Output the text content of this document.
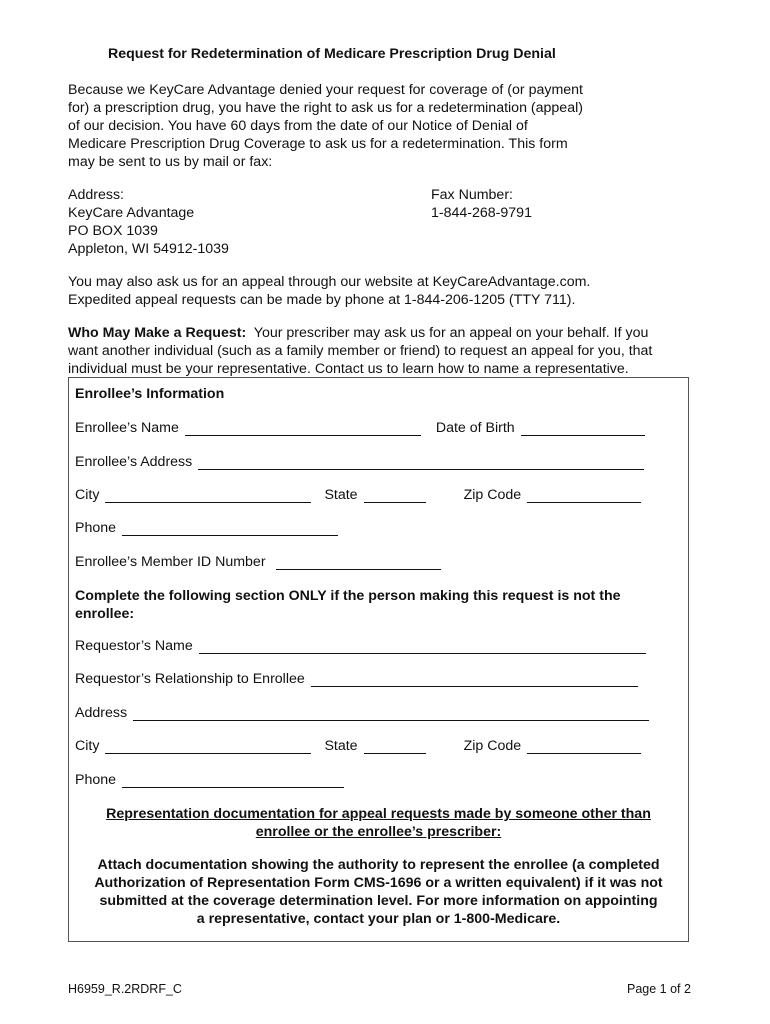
Request for Redetermination of Medicare Prescription Drug Denial
Because we KeyCare Advantage denied your request for coverage of (or payment
for) a prescription drug, you have the right to ask us for a redetermination (appeal)
of our decision. You have 60 days from the date of our Notice of Denial of
Medicare Prescription Drug Coverage to ask us for a redetermination. This form
may be sent to us by mail or fax:
Address:
KeyCare Advantage
PO BOX 1039
Appleton, WI 54912-1039
Fax Number:
1-844-268-9791
You may also ask us for an appeal through our website at KeyCareAdvantage.com.
Expedited appeal requests can be made by phone at 1-844-206-1205 (TTY 711).
Who May Make a Request:  Your prescriber may ask us for an appeal on your behalf. If you
want another individual (such as a family member or friend) to request an appeal for you, that
individual must be your representative. Contact us to learn how to name a representative.
Enrollee’s Information
Enrollee’s Name	Date of Birth
Enrollee’s Address
City	State	Zip Code
Phone
Enrollee’s Member ID Number
Complete the following section ONLY if the person making this request is not the
enrollee:
Requestor’s Name
Requestor’s Relationship to Enrollee
Address
City	State	Zip Code
Phone
Representation documentation for appeal requests made by someone other than
enrollee or the enrollee’s prescriber:
Attach documentation showing the authority to represent the enrollee (a completed
Authorization of Representation Form CMS-1696 or a written equivalent) if it was not
submitted at the coverage determination level. For more information on appointing
a representative, contact your plan or 1-800-Medicare.
H6959_R.2RDRF_C	Page 1 of 2
